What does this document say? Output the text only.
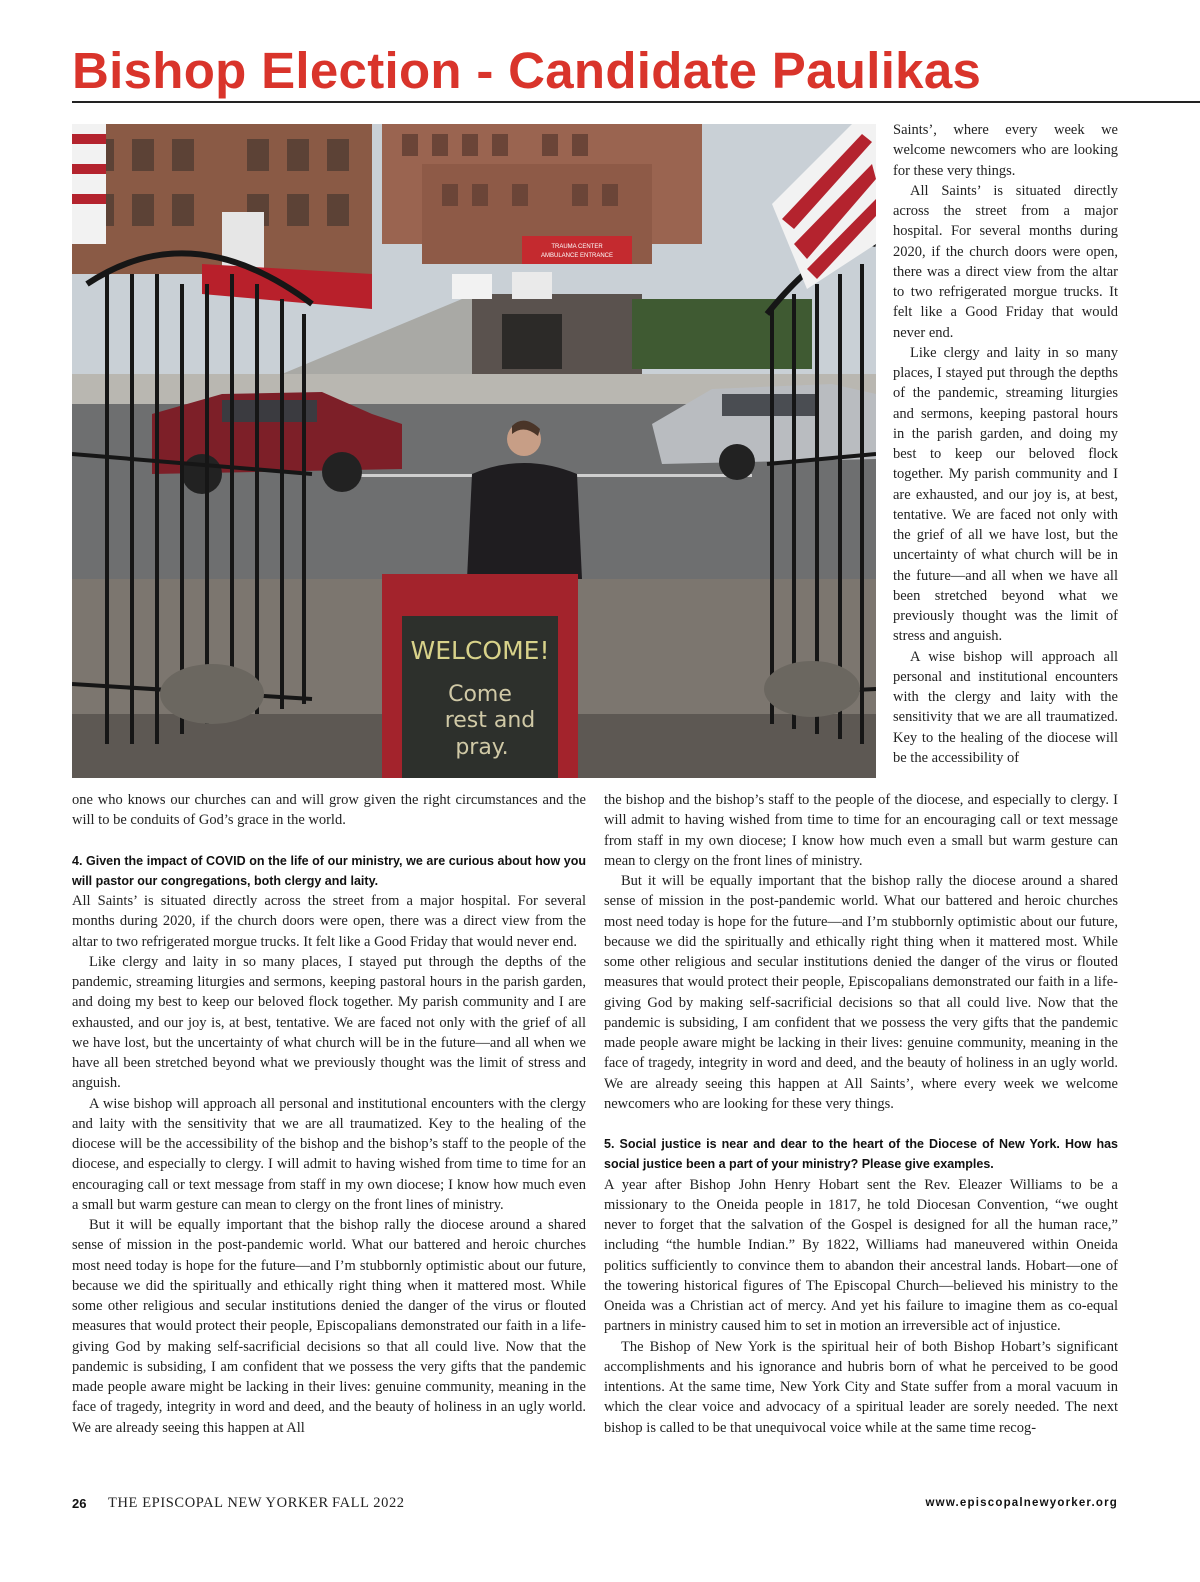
Bishop Election - Candidate Paulikas
TRAUMA CENTER
AMBULANCE ENTRANCE
WELCOME!
Come
rest and
pray.

Saints’, where every week we welcome newcomers who are looking for these very things.

All Saints’ is situated directly across the street from a major hospital. For several months during 2020, if the church doors were open, there was a direct view from the altar to two refrigerated morgue trucks. It felt like a Good Friday that would never end.

Like clergy and laity in so many places, I stayed put through the depths of the pandemic, streaming liturgies and sermons, keeping pastoral hours in the parish garden, and doing my best to keep our beloved flock together. My parish community and I are exhausted, and our joy is, at best, tentative. We are faced not only with the grief of all we have lost, but the uncertainty of what church will be in the future—and all when we have all been stretched beyond what we previously thought was the limit of stress and anguish.

A wise bishop will approach all personal and institutional encounters with the clergy and laity with the sensitivity that we are all traumatized. Key to the healing of the diocese will be the accessibility of

one who knows our churches can and will grow given the right circumstances and the will to be conduits of God’s grace in the world.

4. Given the impact of COVID on the life of our ministry, we are curious about how you will pastor our congregations, both clergy and laity.

All Saints’ is situated directly across the street from a major hospital. For several months during 2020, if the church doors were open, there was a direct view from the altar to two refrigerated morgue trucks. It felt like a Good Friday that would never end.

Like clergy and laity in so many places, I stayed put through the depths of the pandemic, streaming liturgies and sermons, keeping pastoral hours in the parish garden, and doing my best to keep our beloved flock together. My parish community and I are exhausted, and our joy is, at best, tentative. We are faced not only with the grief of all we have lost, but the uncertainty of what church will be in the future—and all when we have all been stretched beyond what we previously thought was the limit of stress and anguish.

A wise bishop will approach all personal and institutional encounters with the clergy and laity with the sensitivity that we are all traumatized. Key to the healing of the diocese will be the accessibility of the bishop and the bishop’s staff to the people of the diocese, and especially to clergy. I will admit to having wished from time to time for an encouraging call or text message from staff in my own diocese; I know how much even a small but warm gesture can mean to clergy on the front lines of ministry.

But it will be equally important that the bishop rally the diocese around a shared sense of mission in the post-pandemic world. What our battered and heroic churches most need today is hope for the future—and I’m stubbornly optimistic about our future, because we did the spiritually and ethically right thing when it mattered most. While some other religious and secular institutions denied the danger of the virus or flouted measures that would protect their people, Episcopalians demonstrated our faith in a life-giving God by making self-sacrificial decisions so that all could live. Now that the pandemic is subsiding, I am confident that we possess the very gifts that the pandemic made people aware might be lacking in their lives: genuine community, meaning in the face of tragedy, integrity in word and deed, and the beauty of holiness in an ugly world. We are already seeing this happen at All

the bishop and the bishop’s staff to the people of the diocese, and especially to clergy. I will admit to having wished from time to time for an encouraging call or text message from staff in my own diocese; I know how much even a small but warm gesture can mean to clergy on the front lines of ministry.

But it will be equally important that the bishop rally the diocese around a shared sense of mission in the post-pandemic world. What our battered and heroic churches most need today is hope for the future—and I’m stubbornly optimistic about our future, because we did the spiritually and ethically right thing when it mattered most. While some other religious and secular institutions denied the danger of the virus or flouted measures that would protect their people, Episcopalians demonstrated our faith in a life-giving God by making self-sacrificial decisions so that all could live. Now that the pandemic is subsiding, I am confident that we possess the very gifts that the pandemic made people aware might be lacking in their lives: genuine community, meaning in the face of tragedy, integrity in word and deed, and the beauty of holiness in an ugly world. We are already seeing this happen at All Saints’, where every week we welcome newcomers who are looking for these very things.

5. Social justice is near and dear to the heart of the Diocese of New York. How has social justice been a part of your ministry? Please give examples.

A year after Bishop John Henry Hobart sent the Rev. Eleazer Williams to be a missionary to the Oneida people in 1817, he told Diocesan Convention, “we ought never to forget that the salvation of the Gospel is designed for all the human race,” including “the humble Indian.” By 1822, Williams had maneuvered within Oneida politics sufficiently to convince them to abandon their ancestral lands. Hobart—one of the towering historical figures of The Episcopal Church—believed his ministry to the Oneida was a Christian act of mercy. And yet his failure to imagine them as co-equal partners in ministry caused him to set in motion an irreversible act of injustice.

The Bishop of New York is the spiritual heir of both Bishop Hobart’s significant accomplishments and his ignorance and hubris born of what he perceived to be good intentions. At the same time, New York City and State suffer from a moral vacuum in which the clear voice and advocacy of a spiritual leader are sorely needed. The next bishop is called to be that unequivocal voice while at the same time recog-

26 THE EPISCOPAL NEW YORKER FALL 2022	www.episcopalnewyorker.org
